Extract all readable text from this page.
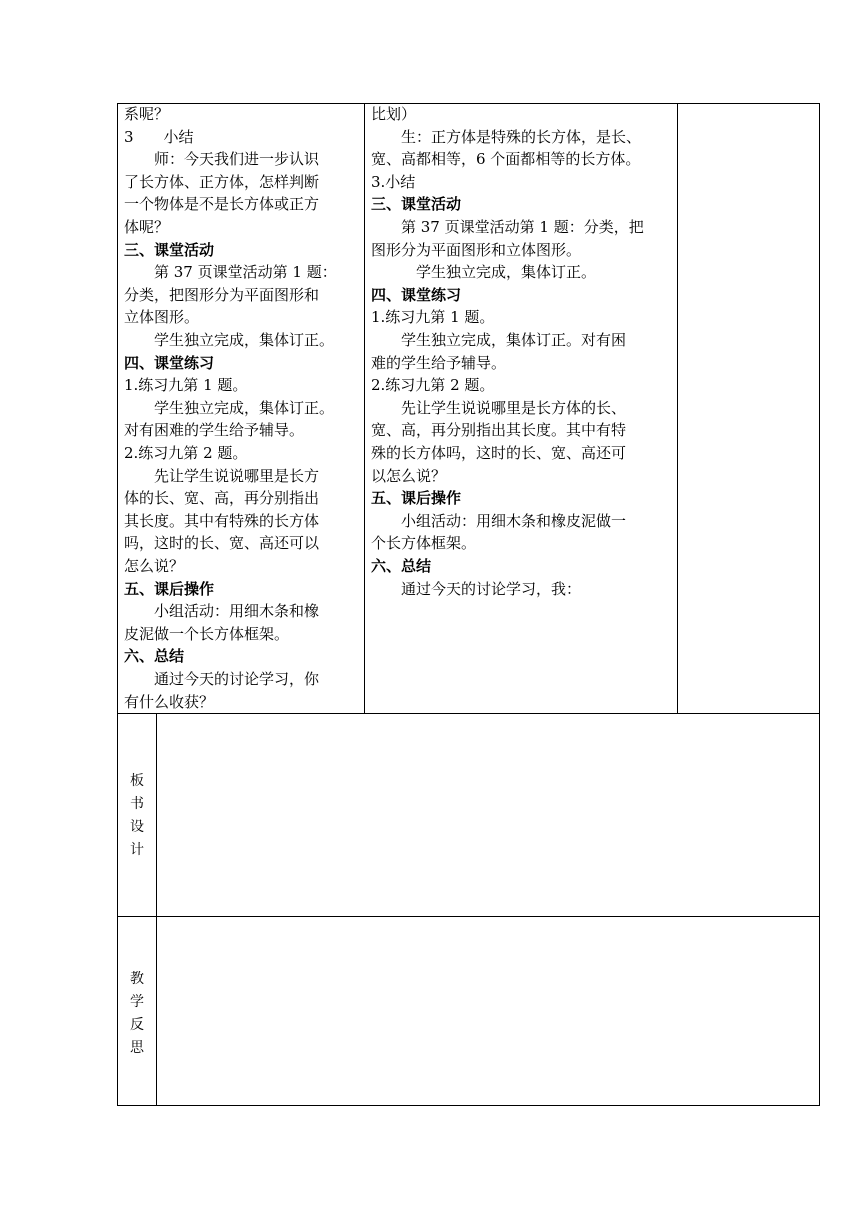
系呢？
3　　小结
　　师：今天我们进一步认识
了长方体、正方体，怎样判断
一个物体是不是长方体或正方
体呢？
三、课堂活动
　　第 37 页课堂活动第 1 题：
分类，把图形分为平面图形和
立体图形。
　　学生独立完成，集体订正。
四、课堂练习
1.练习九第 1 题。
　　学生独立完成，集体订正。
对有困难的学生给予辅导。
2.练习九第 2 题。
　　先让学生说说哪里是长方
体的长、宽、高，再分别指出
其长度。其中有特殊的长方体
吗，这时的长、宽、高还可以
怎么说？
五、课后操作
　　小组活动：用细木条和橡
皮泥做一个长方体框架。
六、总结
　　通过今天的讨论学习，你
有什么收获？
比划）
　　生：正方体是特殊的长方体，是长、
宽、高都相等，6 个面都相等的长方体。
3.小结
三、课堂活动
　　第 37 页课堂活动第 1 题：分类，把
图形分为平面图形和立体图形。
　　　学生独立完成，集体订正。
四、课堂练习
1.练习九第 1 题。
　　学生独立完成，集体订正。对有困
难的学生给予辅导。
2.练习九第 2 题。
　　先让学生说说哪里是长方体的长、
宽、高，再分别指出其长度。其中有特
殊的长方体吗，这时的长、宽、高还可
以怎么说？
五、课后操作
　　小组活动：用细木条和橡皮泥做一
个长方体框架。
六、总结
　　通过今天的讨论学习，我：
板
书
设
计
教
学
反
思
